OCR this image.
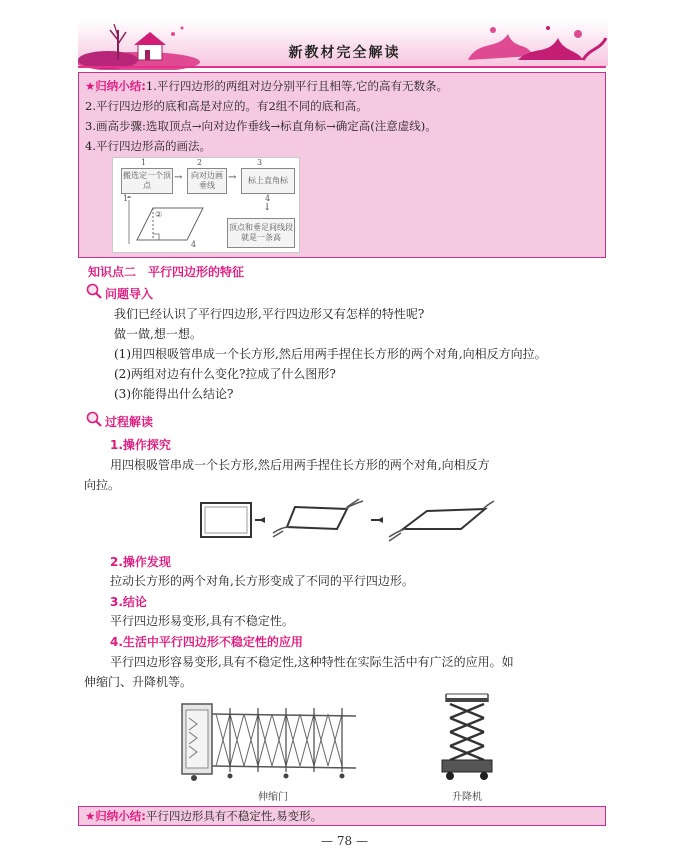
新教材完全解读
★归纳小结:1.平行四边形的两组对边分别平行且相等,它的高有无数条。
2.平行四边形的底和高是对应的。有2组不同的底和高。
3.画高步骤:选取顶点→向对边作垂线→标直角标→确定高(注意虚线)。
4.平行四边形高的画法。
1	2	3
搬选定一个顶点
→	向对边画垂线
→	标上直角标
1
②
4
4
↓
顶点和垂足间线段就是一条高
知识点二　平行四边形的特征
问题导入
我们已经认识了平行四边形,平行四边形又有怎样的特性呢?
做一做,想一想。
(1)用四根吸管串成一个长方形,然后用两手捏住长方形的两个对角,向相反方向拉。
(2)两组对边有什么变化?拉成了什么图形?
(3)你能得出什么结论?
过程解读
1.操作探究
用四根吸管串成一个长方形,然后用两手捏住长方形的两个对角,向相反方
向拉。
2.操作发现
拉动长方形的两个对角,长方形变成了不同的平行四边形。
3.结论
平行四边形易变形,具有不稳定性。
4.生活中平行四边形不稳定性的应用
平行四边形容易变形,具有不稳定性,这种特性在实际生活中有广泛的应用。如
伸缩门、升降机等。
伸缩门	升降机
★归纳小结:平行四边形具有不稳定性,易变形。
— 78 —
